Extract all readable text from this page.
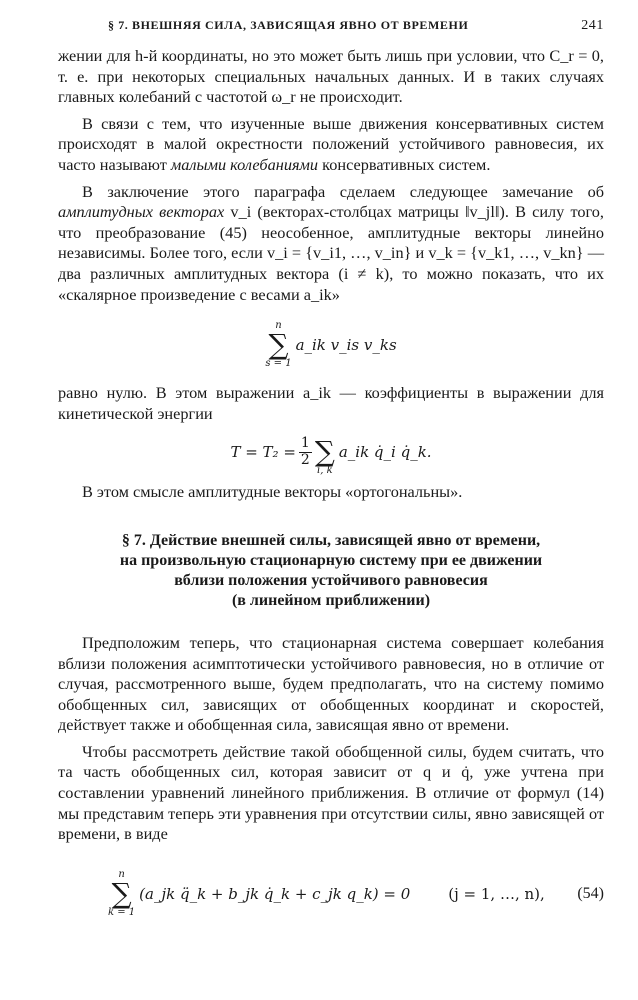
§ 7. ВНЕШНЯЯ СИЛА, ЗАВИСЯЩАЯ ЯВНО ОТ ВРЕМЕНИ	241

жении для h-й координаты, но это может быть лишь при условии, что C_r = 0, т. е. при некоторых специальных начальных данных. И в таких случаях главных колебаний с частотой ω_r не происходит.

В связи с тем, что изученные выше движения консервативных систем происходят в малой окрестности положений устойчивого равновесия, их часто называют малыми колебаниями консервативных систем.

В заключение этого параграфа сделаем следующее замечание об амплитудных векторах v_i (векторах-столбцах матрицы ‖v_jl‖). В силу того, что преобразование (45) неособенное, амплитудные векторы линейно независимы. Более того, если v_i = {v_i1, …, v_in} и v_k = {v_k1, …, v_kn} — два различных амплитудных вектора (i ≠ k), то можно показать, что их «скалярное произведение с весами a_ik»

n
∑
s = 1
a_ik v_is v_ks

равно нулю. В этом выражении a_ik — коэффициенты в выражении для кинетической энергии

$T = T_2 = \frac{1}{2}$
∑
i, k
a_ik q̇_i q̇_k.

В этом смысле амплитудные векторы «ортогональны».

§ 7. Действие внешней силы, зависящей явно от времени,
на произвольную стационарную систему при ее движении
вблизи положения устойчивого равновесия
(в линейном приближении)

Предположим теперь, что стационарная система совершает колебания вблизи положения асимптотически устойчивого равновесия, но в отличие от случая, рассмотренного выше, будем предполагать, что на систему помимо обобщенных сил, зависящих от обобщенных координат и скоростей, действует также и обобщенная сила, зависящая явно от времени.

Чтобы рассмотреть действие такой обобщенной силы, будем считать, что та часть обобщенных сил, которая зависит от q и q̇, уже учтена при составлении уравнений линейного приближения. В отличие от формул (14) мы представим теперь эти уравнения при отсутствии силы, явно зависящей от времени, в виде

n
∑
k = 1
(a_jk q̈_k + b_jk q̇_k + c_jk q_k) = 0	(j = 1, …, n), (54)
